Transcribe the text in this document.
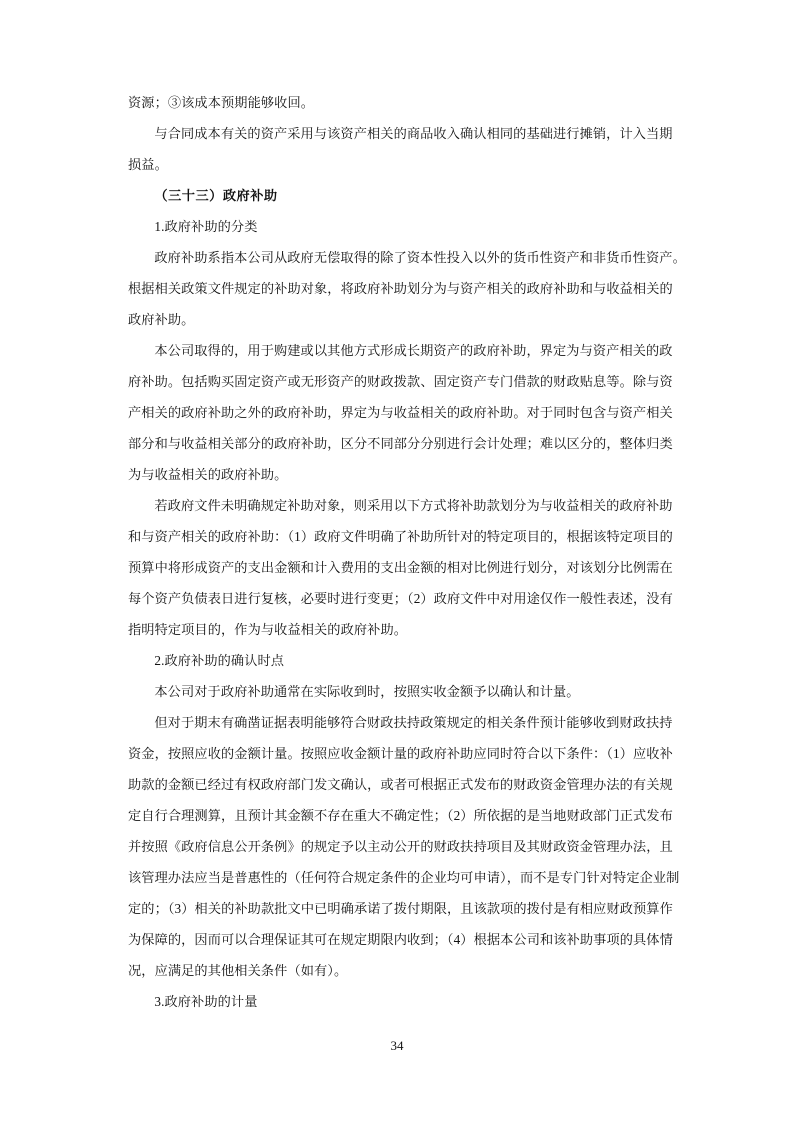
资源；③该成本预期能够收回。
与合同成本有关的资产采用与该资产相关的商品收入确认相同的基础进行摊销，计入当期
损益。
（三十三）政府补助
1.政府补助的分类
政府补助系指本公司从政府无偿取得的除了资本性投入以外的货币性资产和非货币性资产。
根据相关政策文件规定的补助对象，将政府补助划分为与资产相关的政府补助和与收益相关的
政府补助。
本公司取得的，用于购建或以其他方式形成长期资产的政府补助，界定为与资产相关的政
府补助。包括购买固定资产或无形资产的财政拨款、固定资产专门借款的财政贴息等。除与资
产相关的政府补助之外的政府补助，界定为与收益相关的政府补助。对于同时包含与资产相关
部分和与收益相关部分的政府补助，区分不同部分分别进行会计处理；难以区分的，整体归类
为与收益相关的政府补助。
若政府文件未明确规定补助对象，则采用以下方式将补助款划分为与收益相关的政府补助
和与资产相关的政府补助：（1）政府文件明确了补助所针对的特定项目的，根据该特定项目的
预算中将形成资产的支出金额和计入费用的支出金额的相对比例进行划分，对该划分比例需在
每个资产负债表日进行复核，必要时进行变更；（2）政府文件中对用途仅作一般性表述，没有
指明特定项目的，作为与收益相关的政府补助。
2.政府补助的确认时点
本公司对于政府补助通常在实际收到时，按照实收金额予以确认和计量。
但对于期末有确凿证据表明能够符合财政扶持政策规定的相关条件预计能够收到财政扶持
资金，按照应收的金额计量。按照应收金额计量的政府补助应同时符合以下条件：（1）应收补
助款的金额已经过有权政府部门发文确认，或者可根据正式发布的财政资金管理办法的有关规
定自行合理测算，且预计其金额不存在重大不确定性；（2）所依据的是当地财政部门正式发布
并按照《政府信息公开条例》的规定予以主动公开的财政扶持项目及其财政资金管理办法，且
该管理办法应当是普惠性的（任何符合规定条件的企业均可申请），而不是专门针对特定企业制
定的；（3）相关的补助款批文中已明确承诺了拨付期限，且该款项的拨付是有相应财政预算作
为保障的，因而可以合理保证其可在规定期限内收到；（4）根据本公司和该补助事项的具体情
况，应满足的其他相关条件（如有）。
3.政府补助的计量
34
